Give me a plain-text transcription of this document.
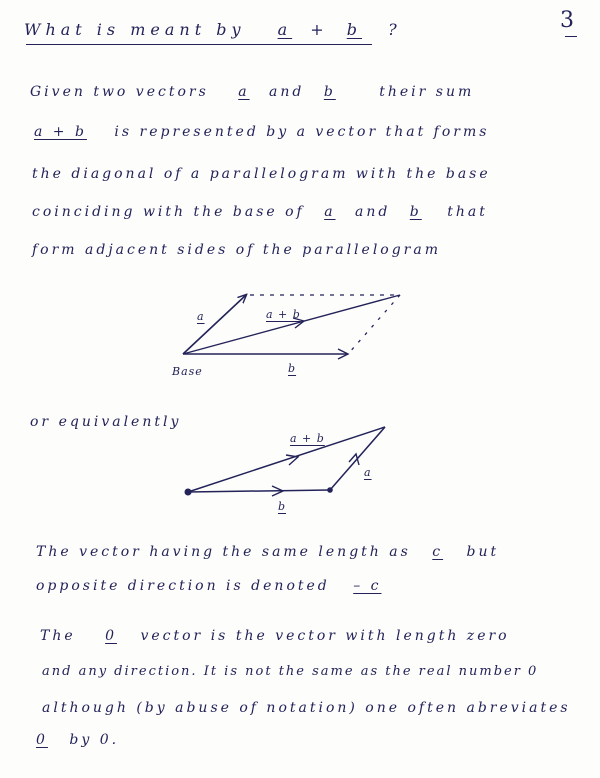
3
What is meant by a + b ?
Given two vectors a and b	their sum
a + b is represented by a vector that forms
the diagonal of a parallelogram with the base
coinciding with the base of a and b that
form adjacent sides of the parallelogram
a	a + b
b
Base
or equivalently
a + b
a
b
The vector having the same length as c but
opposite direction is denoted – c
The 0 vector is the vector with length zero
and any direction. It is not the same as the real number 0
although (by abuse of notation) one often abreviates
0 by 0.
